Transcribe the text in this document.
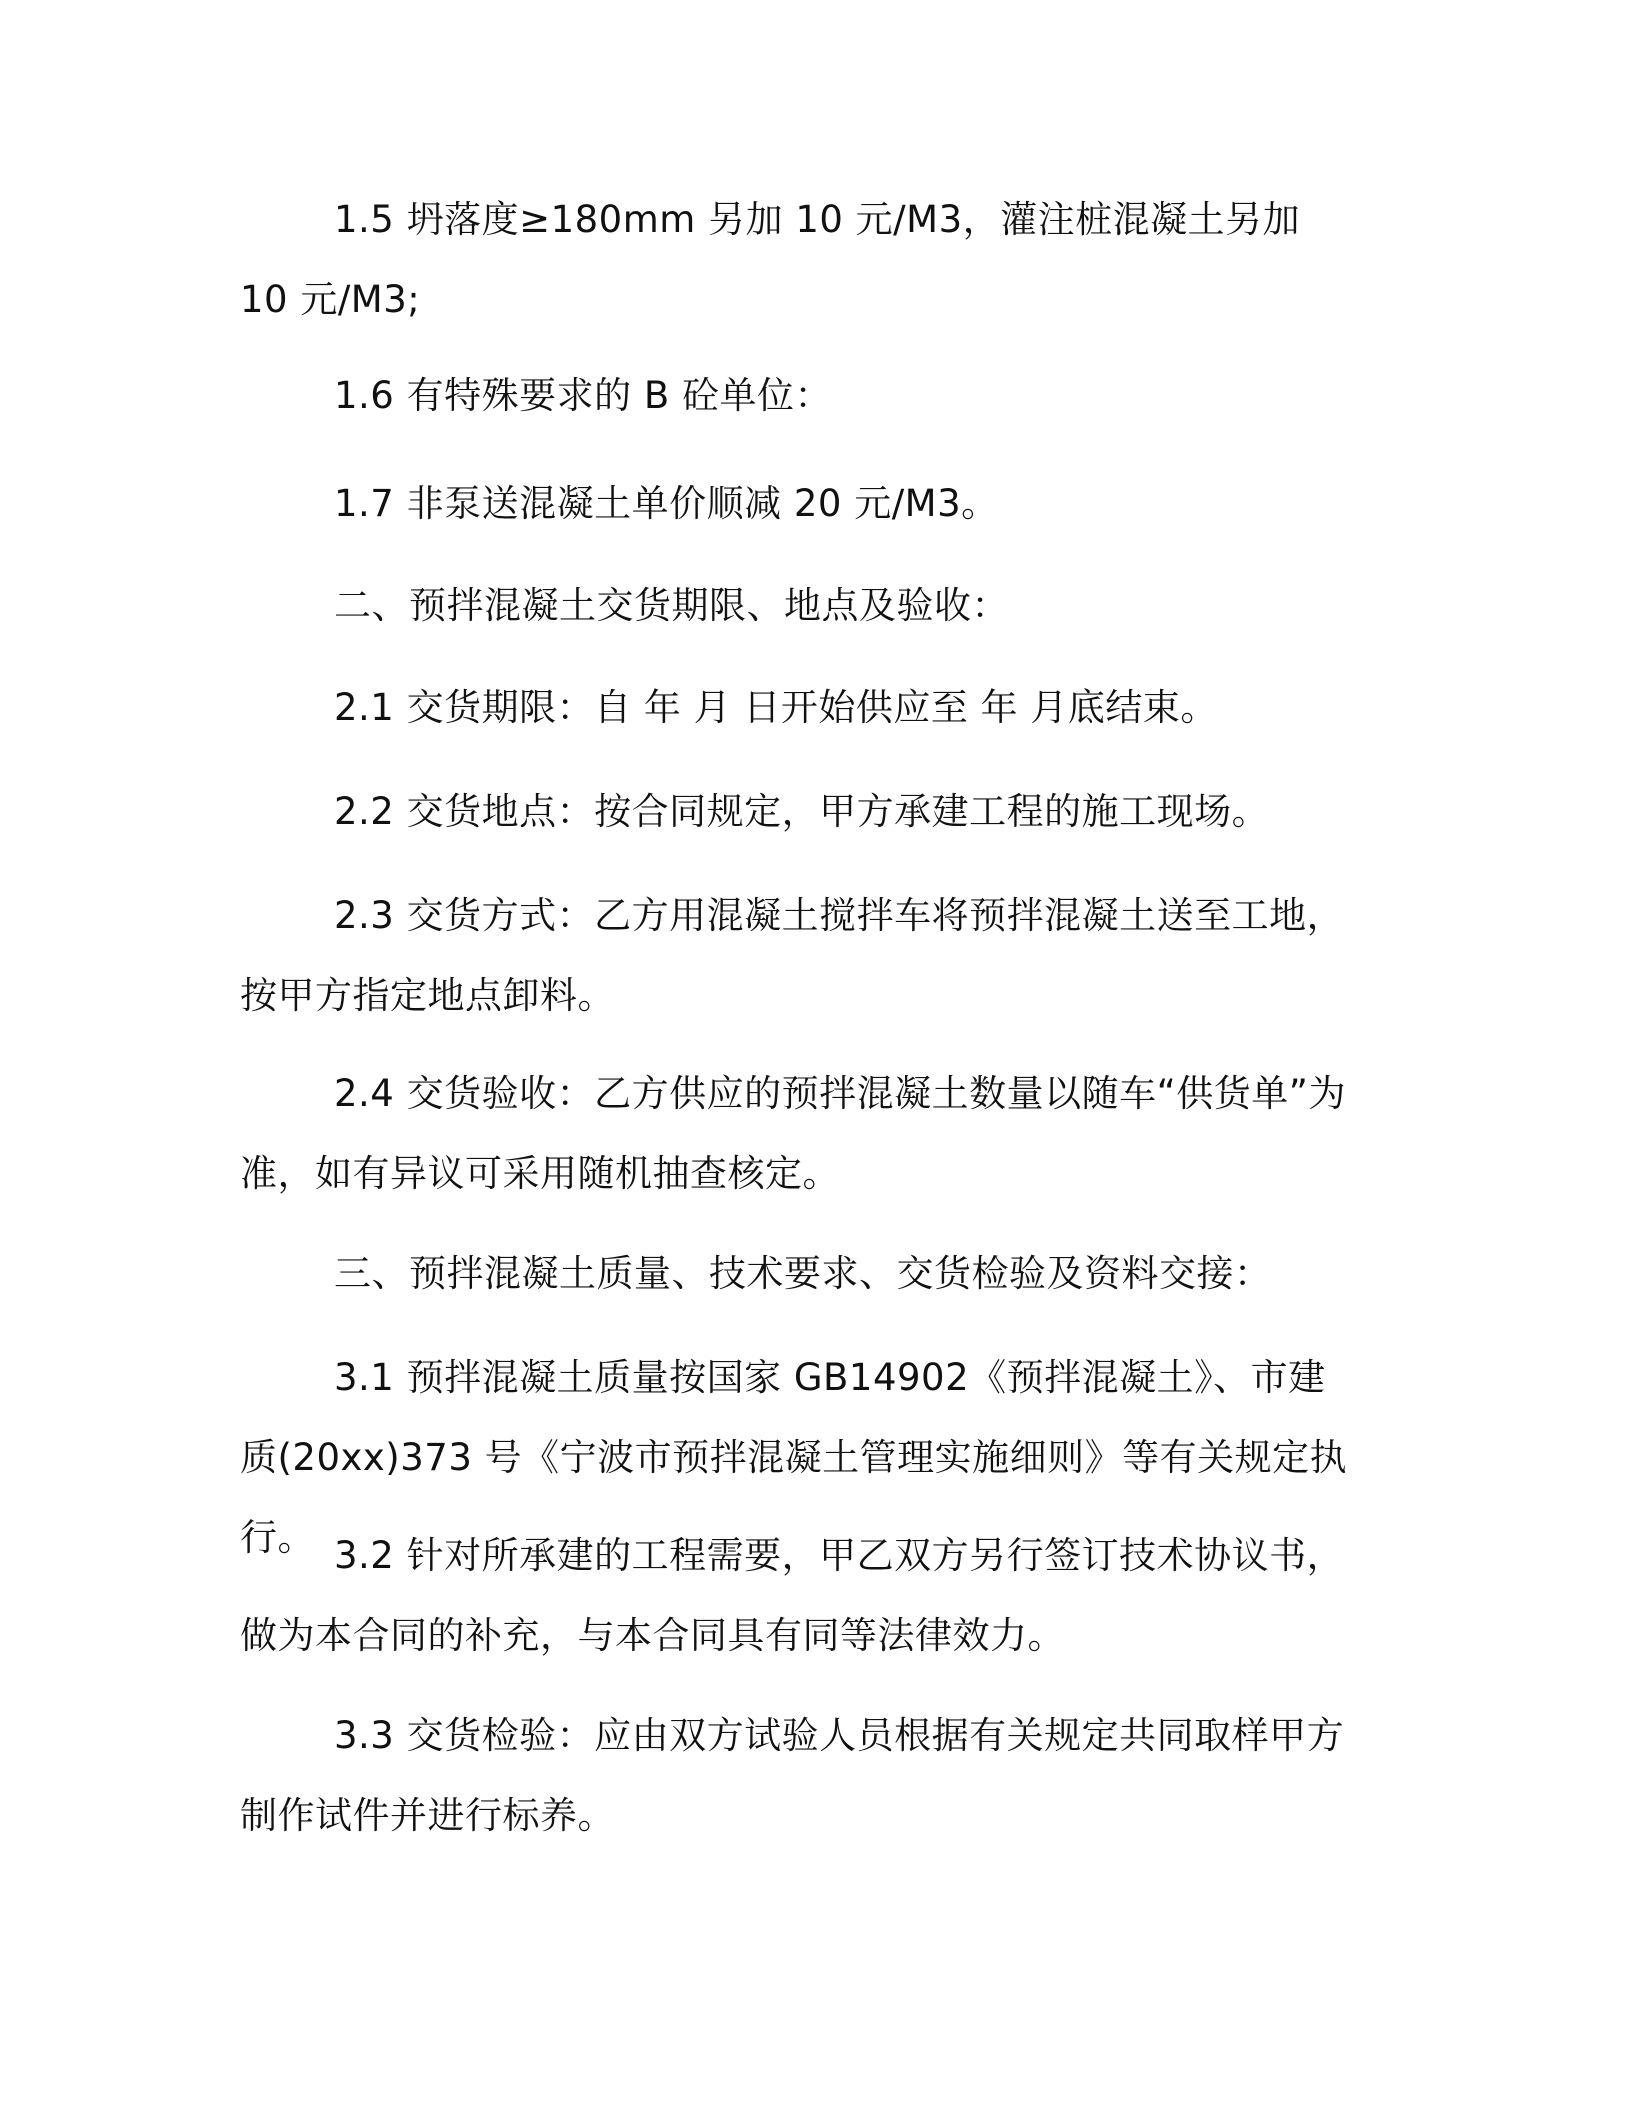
1.5 坍落度≥180mm 另加 10 元/M3，灌注桩混凝土另加 10 元/M3;

1.6 有特殊要求的 B 砼单位：

1.7 非泵送混凝土单价顺减 20 元/M3。

二、预拌混凝土交货期限、地点及验收：

2.1 交货期限：自 年 月 日开始供应至 年 月底结束。

2.2 交货地点：按合同规定，甲方承建工程的施工现场。

2.3 交货方式：乙方用混凝土搅拌车将预拌混凝土送至工地，按甲方指定地点卸料。

2.4 交货验收：乙方供应的预拌混凝土数量以随车“供货单”为准，如有异议可采用随机抽查核定。

三、预拌混凝土质量、技术要求、交货检验及资料交接：

3.1 预拌混凝土质量按国家 GB14902《预拌混凝土》、市建质(20xx)373 号《宁波市预拌混凝土管理实施细则》等有关规定执行。 3.2 针对所承建的工程需要，甲乙双方另行签订技术协议书，做为本合同的补充，与本合同具有同等法律效力。

3.3 交货检验：应由双方试验人员根据有关规定共同取样甲方制作试件并进行标养。
